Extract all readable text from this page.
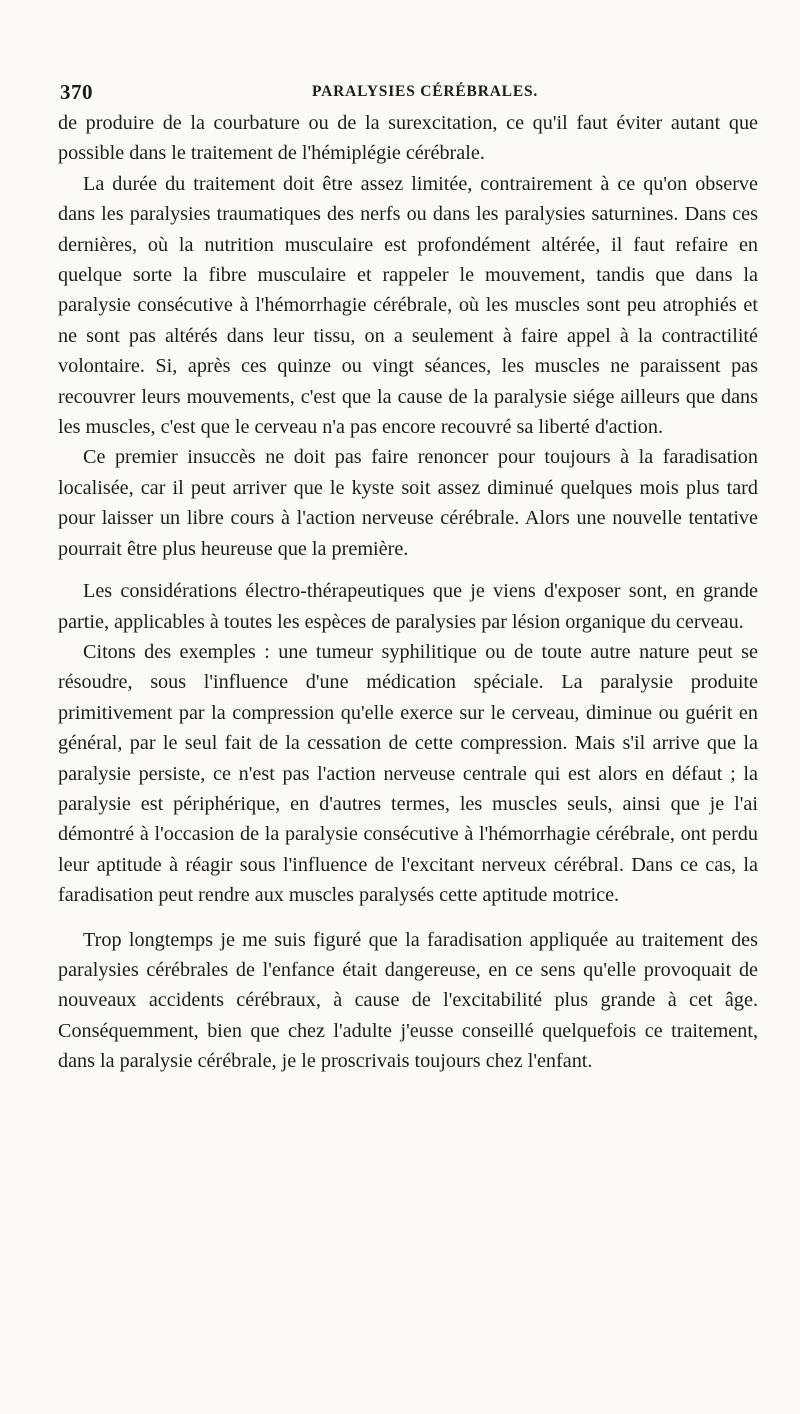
370	PARALYSIES CÉRÉBRALES.

de produire de la courbature ou de la surexcitation, ce qu'il faut éviter autant que possible dans le traitement de l'hémiplégie cérébrale.

La durée du traitement doit être assez limitée, contrairement à ce qu'on observe dans les paralysies traumatiques des nerfs ou dans les paralysies saturnines. Dans ces dernières, où la nutrition musculaire est profondément altérée, il faut refaire en quelque sorte la fibre musculaire et rappeler le mouvement, tandis que dans la paralysie consécutive à l'hémorrhagie cérébrale, où les muscles sont peu atrophiés et ne sont pas altérés dans leur tissu, on a seulement à faire appel à la contractilité volontaire. Si, après ces quinze ou vingt séances, les muscles ne paraissent pas recouvrer leurs mouvements, c'est que la cause de la paralysie siége ailleurs que dans les muscles, c'est que le cerveau n'a pas encore recouvré sa liberté d'action.

Ce premier insuccès ne doit pas faire renoncer pour toujours à la faradisation localisée, car il peut arriver que le kyste soit assez diminué quelques mois plus tard pour laisser un libre cours à l'action nerveuse cérébrale. Alors une nouvelle tentative pourrait être plus heureuse que la première.

Les considérations électro-thérapeutiques que je viens d'exposer sont, en grande partie, applicables à toutes les espèces de paralysies par lésion organique du cerveau.

Citons des exemples : une tumeur syphilitique ou de toute autre nature peut se résoudre, sous l'influence d'une médication spéciale. La paralysie produite primitivement par la compression qu'elle exerce sur le cerveau, diminue ou guérit en général, par le seul fait de la cessation de cette compression. Mais s'il arrive que la paralysie persiste, ce n'est pas l'action nerveuse centrale qui est alors en défaut ; la paralysie est périphérique, en d'autres termes, les muscles seuls, ainsi que je l'ai démontré à l'occasion de la paralysie consécutive à l'hémorrhagie cérébrale, ont perdu leur aptitude à réagir sous l'influence de l'excitant nerveux cérébral. Dans ce cas, la faradisation peut rendre aux muscles paralysés cette aptitude motrice.

Trop longtemps je me suis figuré que la faradisation appliquée au traitement des paralysies cérébrales de l'enfance était dangereuse, en ce sens qu'elle provoquait de nouveaux accidents cérébraux, à cause de l'excitabilité plus grande à cet âge. Conséquemment, bien que chez l'adulte j'eusse conseillé quelquefois ce traitement, dans la paralysie cérébrale, je le proscrivais toujours chez l'enfant.
